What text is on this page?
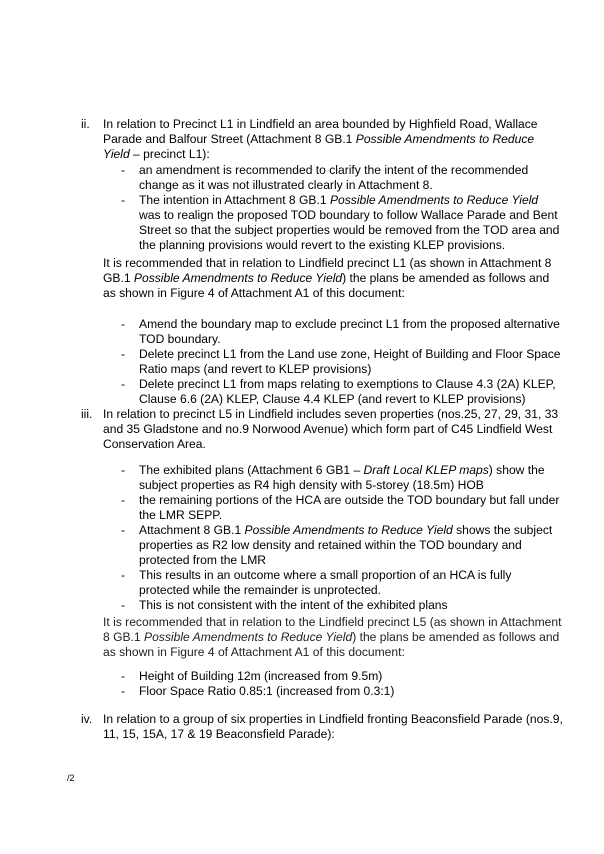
ii. In relation to Precinct L1 in Lindfield an area bounded by Highfield Road, Wallace Parade and Balfour Street (Attachment 8 GB.1 Possible Amendments to Reduce Yield – precinct L1):
- an amendment is recommended to clarify the intent of the recommended change as it was not illustrated clearly in Attachment 8.
- The intention in Attachment 8 GB.1 Possible Amendments to Reduce Yield was to realign the proposed TOD boundary to follow Wallace Parade and Bent Street so that the subject properties would be removed from the TOD area and the planning provisions would revert to the existing KLEP provisions.
It is recommended that in relation to Lindfield precinct L1 (as shown in Attachment 8 GB.1 Possible Amendments to Reduce Yield) the plans be amended as follows and as shown in Figure 4 of Attachment A1 of this document:
- Amend the boundary map to exclude precinct L1 from the proposed alternative TOD boundary.
- Delete precinct L1 from the Land use zone, Height of Building and Floor Space Ratio maps (and revert to KLEP provisions)
- Delete precinct L1 from maps relating to exemptions to Clause 4.3 (2A) KLEP, Clause 6.6 (2A) KLEP, Clause 4.4 KLEP (and revert to KLEP provisions)
iii. In relation to precinct L5 in Lindfield includes seven properties (nos.25, 27, 29, 31, 33 and 35 Gladstone and no.9 Norwood Avenue) which form part of C45 Lindfield West Conservation Area.
- The exhibited plans (Attachment 6 GB1 – Draft Local KLEP maps) show the subject properties as R4 high density with 5-storey (18.5m) HOB
- the remaining portions of the HCA are outside the TOD boundary but fall under the LMR SEPP.
- Attachment 8 GB.1 Possible Amendments to Reduce Yield shows the subject properties as R2 low density and retained within the TOD boundary and protected from the LMR
- This results in an outcome where a small proportion of an HCA is fully protected while the remainder is unprotected.
- This is not consistent with the intent of the exhibited plans
It is recommended that in relation to the Lindfield precinct L5 (as shown in Attachment 8 GB.1 Possible Amendments to Reduce Yield) the plans be amended as follows and as shown in Figure 4 of Attachment A1 of this document:
- Height of Building 12m (increased from 9.5m)
- Floor Space Ratio 0.85:1 (increased from 0.3:1)
iv. In relation to a group of six properties in Lindfield fronting Beaconsfield Parade (nos.9, 11, 15, 15A, 17 & 19 Beaconsfield Parade):
/2
